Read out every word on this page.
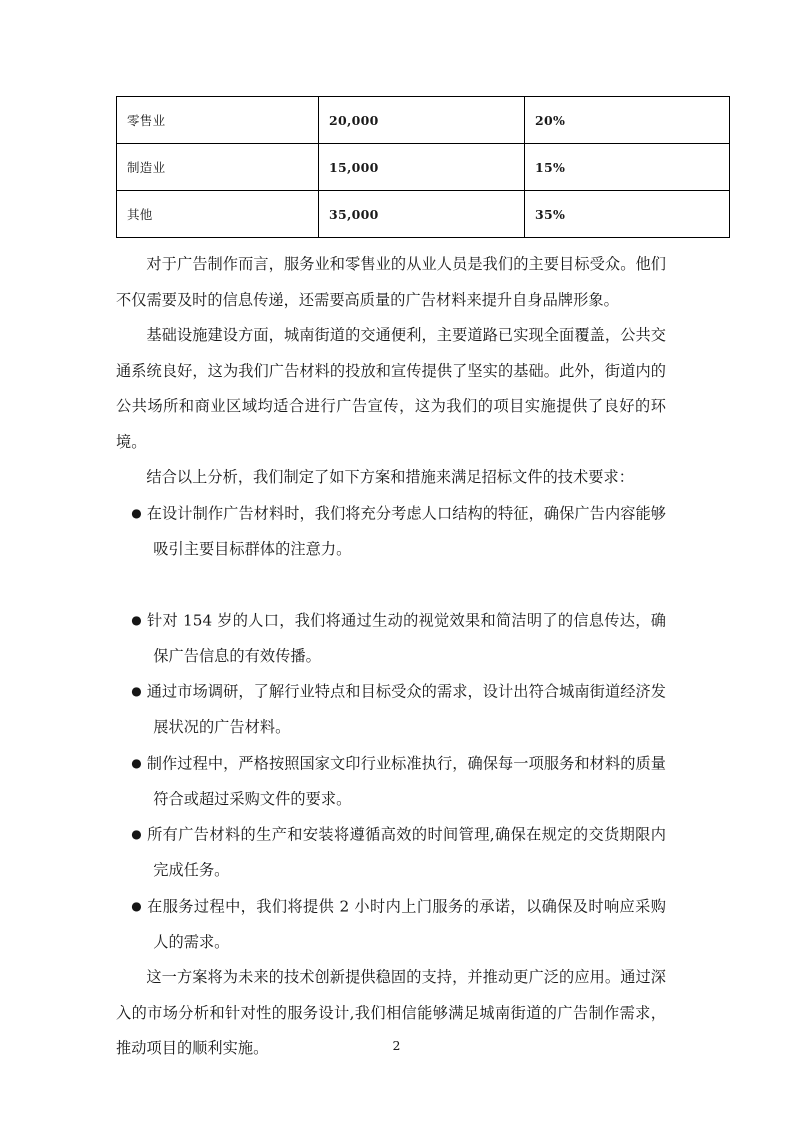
零售业	20,000	20%
制造业	15,000	15%
其他	35,000	35%

对于广告制作而言，服务业和零售业的从业人员是我们的主要目标受众。他们不仅需要及时的信息传递，还需要高质量的广告材料来提升自身品牌形象。

基础设施建设方面，城南街道的交通便利，主要道路已实现全面覆盖，公共交通系统良好，这为我们广告材料的投放和宣传提供了坚实的基础。此外，街道内的公共场所和商业区域均适合进行广告宣传，这为我们的项目实施提供了良好的环境。

结合以上分析，我们制定了如下方案和措施来满足招标文件的技术要求：

● 在设计制作广告材料时，我们将充分考虑人口结构的特征，确保广告内容能够吸引主要目标群体的注意力。

● 针对 154 岁的人口，我们将通过生动的视觉效果和简洁明了的信息传达，确保广告信息的有效传播。

● 通过市场调研，了解行业特点和目标受众的需求，设计出符合城南街道经济发展状况的广告材料。

● 制作过程中，严格按照国家文印行业标准执行，确保每一项服务和材料的质量符合或超过采购文件的要求。

● 所有广告材料的生产和安装将遵循高效的时间管理,确保在规定的交货期限内完成任务。

● 在服务过程中，我们将提供 2 小时内上门服务的承诺，以确保及时响应采购人的需求。

这一方案将为未来的技术创新提供稳固的支持，并推动更广泛的应用。通过深入的市场分析和针对性的服务设计,我们相信能够满足城南街道的广告制作需求，推动项目的顺利实施。	2
